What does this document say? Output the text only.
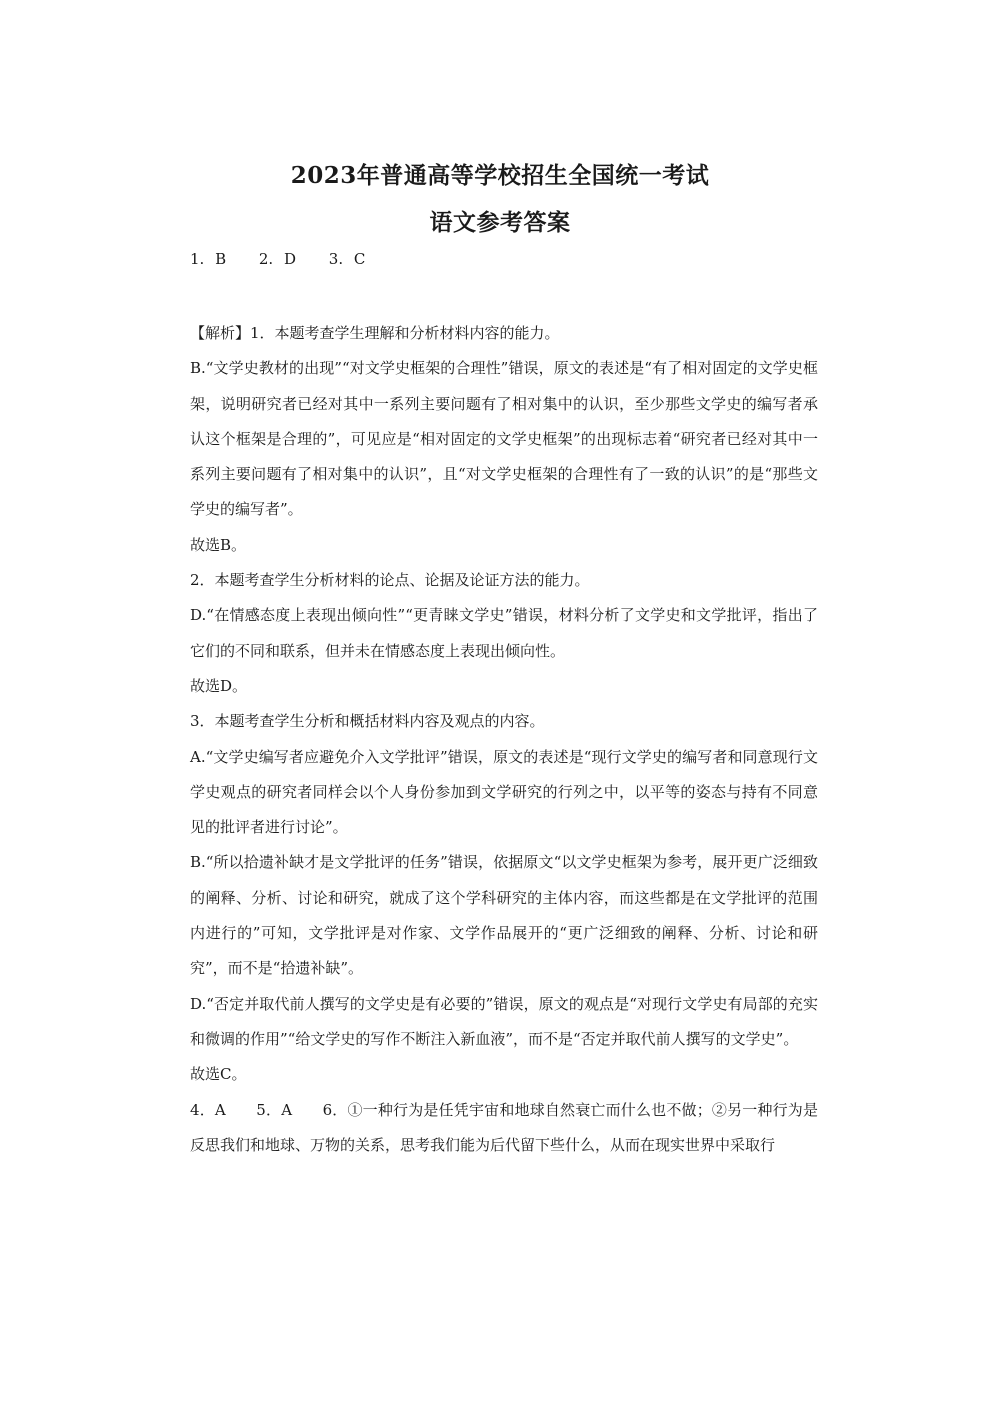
2023年普通高等学校招生全国统一考试
语文参考答案
1. B 2. D 3. C

【解析】1．本题考查学生理解和分析材料内容的能力。

B.“文学史教材的出现”“对文学史框架的合理性”错误，原文的表述是“有了相对固定的文学史框架，说明研究者已经对其中一系列主要问题有了相对集中的认识，至少那些文学史的编写者承认这个框架是合理的”，可见应是“相对固定的文学史框架”的出现标志着“研究者已经对其中一系列主要问题有了相对集中的认识”，且“对文学史框架的合理性有了一致的认识”的是“那些文学史的编写者”。

故选B。

2．本题考查学生分析材料的论点、论据及论证方法的能力。

D.“在情感态度上表现出倾向性”“更青睐文学史”错误，材料分析了文学史和文学批评，指出了它们的不同和联系，但并未在情感态度上表现出倾向性。

故选D。

3．本题考查学生分析和概括材料内容及观点的内容。

A.“文学史编写者应避免介入文学批评”错误，原文的表述是“现行文学史的编写者和同意现行文学史观点的研究者同样会以个人身份参加到文学研究的行列之中，以平等的姿态与持有不同意见的批评者进行讨论”。

B.“所以拾遗补缺才是文学批评的任务”错误，依据原文“以文学史框架为参考，展开更广泛细致的阐释、分析、讨论和研究，就成了这个学科研究的主体内容，而这些都是在文学批评的范围内进行的”可知，文学批评是对作家、文学作品展开的“更广泛细致的阐释、分析、讨论和研究”，而不是“拾遗补缺”。

D.“否定并取代前人撰写的文学史是有必要的”错误，原文的观点是“对现行文学史有局部的充实和微调的作用”“给文学史的写作不断注入新血液”，而不是“否定并取代前人撰写的文学史”。

故选C。

4．A　　5．A　　6．①一种行为是任凭宇宙和地球自然衰亡而什么也不做；②另一种行为是反思我们和地球、万物的关系，思考我们能为后代留下些什么，从而在现实世界中采取行
